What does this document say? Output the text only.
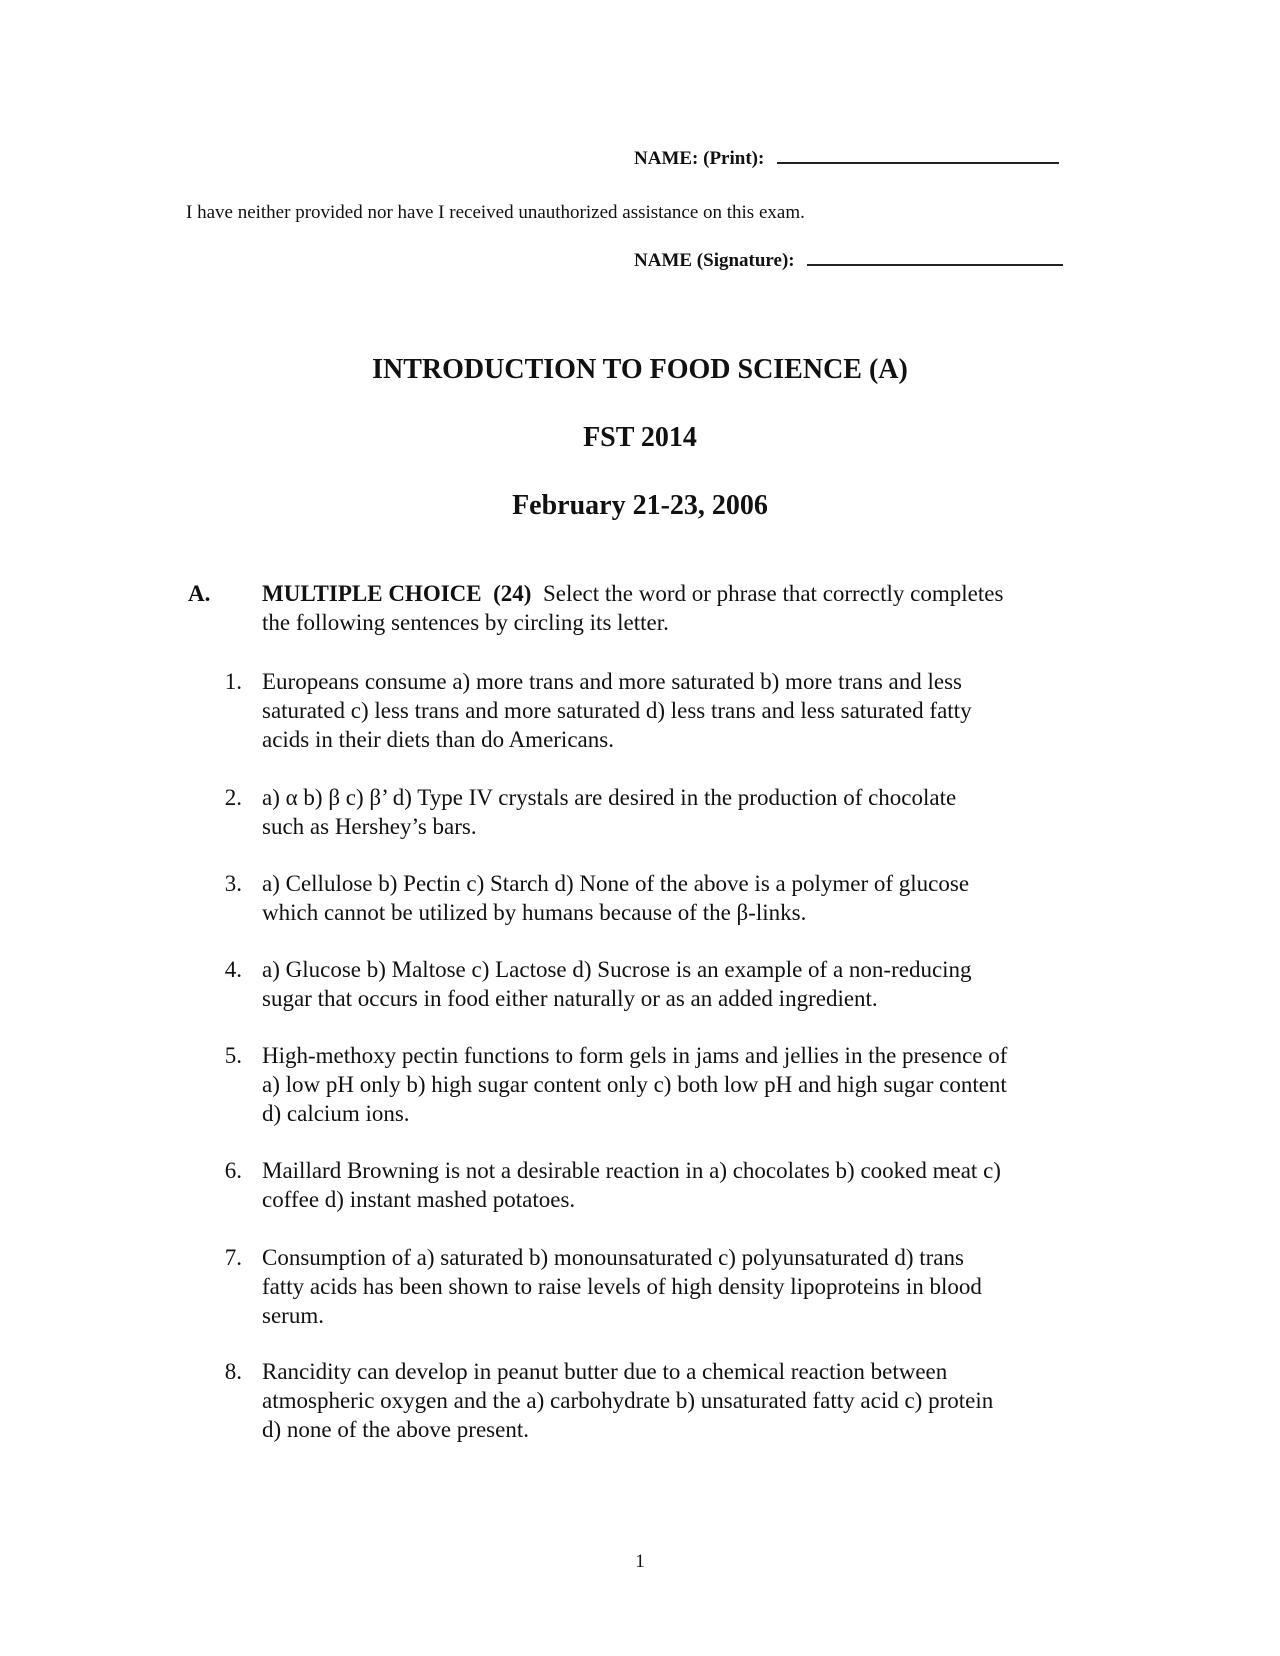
NAME: (Print):
I have neither provided nor have I received unauthorized assistance on this exam.
NAME (Signature):
INTRODUCTION TO FOOD SCIENCE (A)
FST 2014
February 21-23, 2006
A. MULTIPLE CHOICE (24) Select the word or phrase that correctly completes
the following sentences by circling its letter.
1. Europeans consume a) more trans and more saturated b) more trans and less
saturated c) less trans and more saturated d) less trans and less saturated fatty
acids in their diets than do Americans.
2. a) α b) β c) β’ d) Type IV crystals are desired in the production of chocolate
such as Hershey’s bars.
3. a) Cellulose b) Pectin c) Starch d) None of the above is a polymer of glucose
which cannot be utilized by humans because of the β-links.
4. a) Glucose b) Maltose c) Lactose d) Sucrose is an example of a non-reducing
sugar that occurs in food either naturally or as an added ingredient.
5. High-methoxy pectin functions to form gels in jams and jellies in the presence of
a) low pH only b) high sugar content only c) both low pH and high sugar content
d) calcium ions.
6. Maillard Browning is not a desirable reaction in a) chocolates b) cooked meat c)
coffee d) instant mashed potatoes.
7. Consumption of a) saturated b) monounsaturated c) polyunsaturated d) trans
fatty acids has been shown to raise levels of high density lipoproteins in blood
serum.
8. Rancidity can develop in peanut butter due to a chemical reaction between
atmospheric oxygen and the a) carbohydrate b) unsaturated fatty acid c) protein
d) none of the above present.
1
